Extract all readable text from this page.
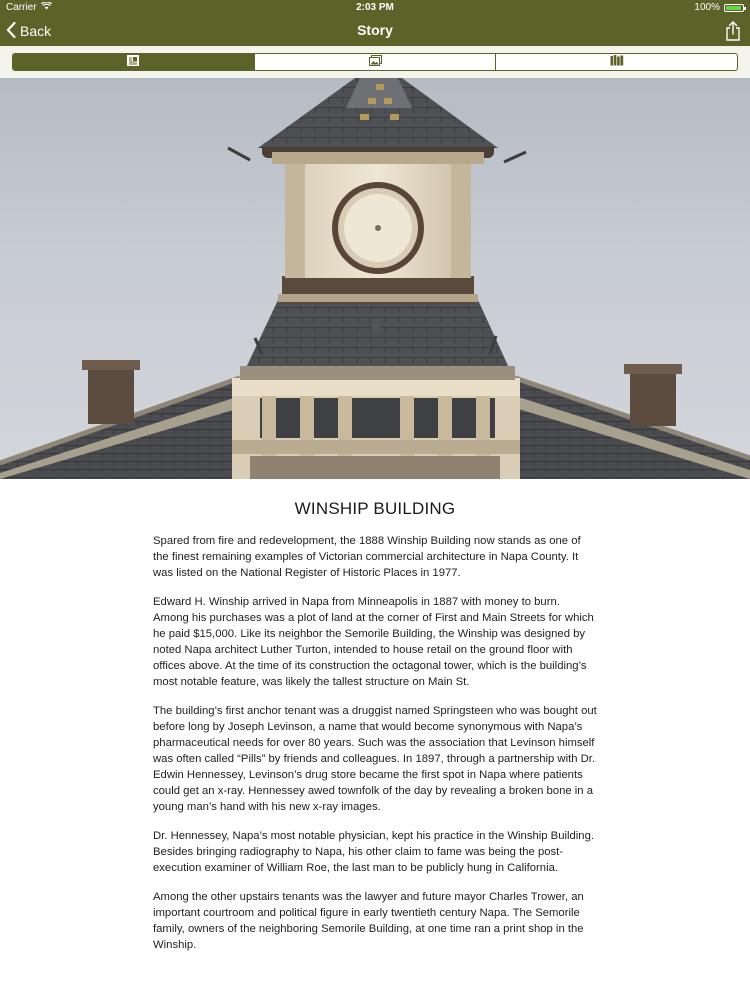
Carrier	2:03 PM	100%
Back	Story
WINSHIP BUILDING

Spared from fire and redevelopment, the 1888 Winship Building now stands as one of the finest remaining examples of Victorian commercial architecture in Napa County. It was listed on the National Register of Historic Places in 1977.

Edward H. Winship arrived in Napa from Minneapolis in 1887 with money to burn. Among his purchases was a plot of land at the corner of First and Main Streets for which he paid $15,000. Like its neighbor the Semorile Building, the Winship was designed by noted Napa architect Luther Turton, intended to house retail on the ground floor with offices above. At the time of its construction the octagonal tower, which is the building’s most notable feature, was likely the tallest structure on Main St.

The building’s first anchor tenant was a druggist named Springsteen who was bought out before long by Joseph Levinson, a name that would become synonymous with Napa’s pharmaceutical needs for over 80 years. Such was the association that Levinson himself was often called “Pills” by friends and colleagues. In 1897, through a partnership with Dr. Edwin Hennessey, Levinson’s drug store became the first spot in Napa where patients could get an x-ray. Hennessey awed townfolk of the day by revealing a broken bone in a young man’s hand with his new x-ray images.

Dr. Hennessey, Napa’s most notable physician, kept his practice in the Winship Building. Besides bringing radiography to Napa, his other claim to fame was being the post-execution examiner of William Roe, the last man to be publicly hung in California.

Among the other upstairs tenants was the lawyer and future mayor Charles Trower, an important courtroom and political figure in early twentieth century Napa. The Semorile family, owners of the neighboring Semorile Building, at one time ran a print shop in the Winship.
